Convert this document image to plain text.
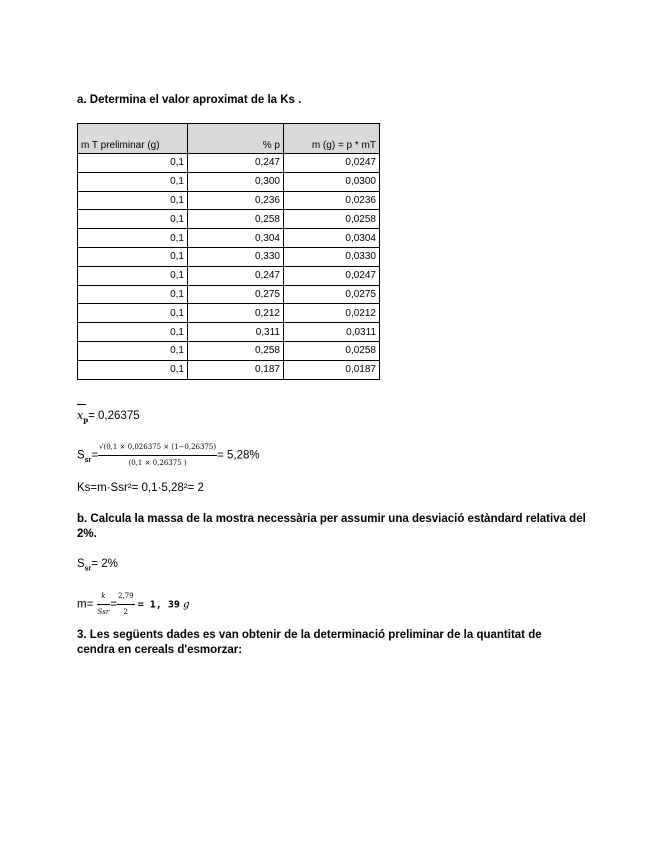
a. Determina el valor aproximat de la Ks .
m T preliminar (g)	% p	m (g) = p * mT
0,1	0,247	0,0247
0,1	0,300	0,0300
0,1	0,236	0,0236
0,1	0,258	0,0258
0,1	0,304	0,0304
0,1	0,330	0,0330
0,1	0,247	0,0247
0,1	0,275	0,0275
0,1	0,212	0,0212
0,1	0,311	0,0311
0,1	0,258	0,0258
0,1	0,187	0,0187
$x_p= 0,26375$
$S_{sr}= \frac{√(0,1 \times 0,026375 \times (1-0,26375)}{(0,1 \times 0,26375 )} = 5,28\%$
Ks=m·Ssr²= 0,1·5,28²= 2
b. Calcula la massa de la mostra necessària per assumir una desviació estàndard relativa del 2%.
$S_{sr}= 2\%$
$m= \frac{k}{\text{Ssr}} = \frac{2,79}{2} = 1$, 39 g
3. Les següents dades es van obtenir de la determinació preliminar de la quantitat de cendra en cereals d'esmorzar:
